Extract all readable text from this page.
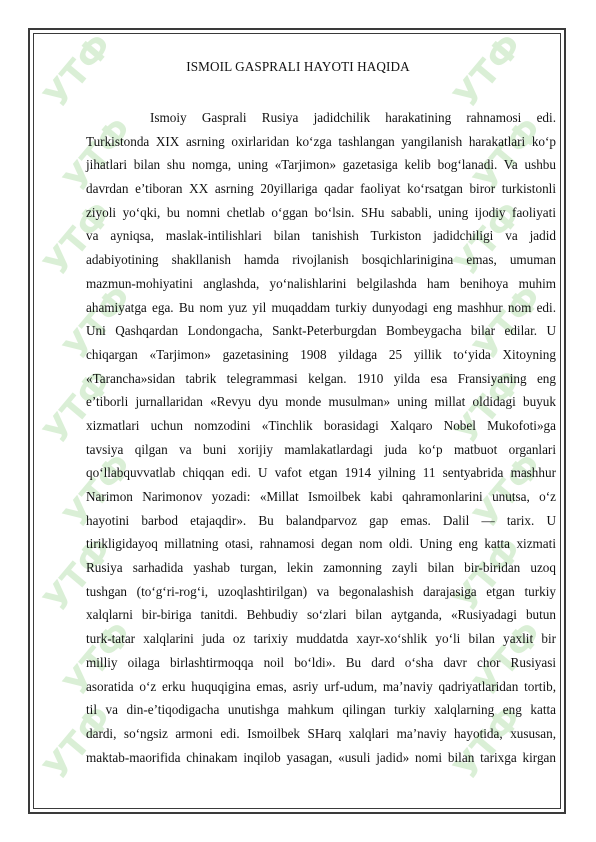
УТФ
УТФ
УТФ
УТФ
УТФ
УТФ
УТФ
УТФ
УТФ
УТФ
УТФ
УТФ
УТФ
УТФ
УТФ
УТФ
УТФ
УТФ
ISMOIL GASPRALI HAYOTI HAQIDA
Ismoiy Gasprali Rusiya jadidchilik harakatining rahnamosi edi.
Turkistonda XIX asrning oxirlaridan ko‘zga tashlangan yangilanish harakatlari ko‘p
jihatlari bilan shu nomga, uning «Tarjimon» gazetasiga kelib bog‘lanadi. Va ushbu
davrdan e’tiboran XX asrning 20yillariga qadar faoliyat ko‘rsatgan biror turkistonli
ziyoli yo‘qki, bu nomni chetlab o‘ggan bo‘lsin. SHu sababli, uning ijodiy faoliyati
va ayniqsa, maslak-intilishlari bilan tanishish Turkiston jadidchiligi va jadid
adabiyotining shakllanish hamda rivojlanish bosqichlarinigina emas, umuman
mazmun-mohiyatini anglashda, yo‘nalishlarini belgilashda ham benihoya muhim
ahamiyatga ega. Bu nom yuz yil muqaddam turkiy dunyodagi eng mashhur nom edi.
Uni Qashqardan Londongacha, Sankt-Peterburgdan Bombeygacha bilar edilar. U
chiqargan «Tarjimon» gazetasining 1908 yildaga 25 yillik to‘yida Xitoyning
«Tarancha»sidan tabrik telegrammasi kelgan. 1910 yilda esa Fransiyaning eng
e’tiborli jurnallaridan «Revyu dyu monde musulman» uning millat oldidagi buyuk
xizmatlari uchun nomzodini «Tinchlik borasidagi Xalqaro Nobel Mukofoti»ga
tavsiya qilgan va buni xorijiy mamlakatlardagi juda ko‘p matbuot organlari
qo‘llabquvvatlab chiqqan edi. U vafot etgan 1914 yilning 11 sentyabrida mashhur
Narimon Narimonov yozadi: «Millat Ismoilbek kabi qahramonlarini unutsa, o‘z
hayotini barbod etajaqdir». Bu balandparvoz gap emas. Dalil — tarix. U
tirikligidayoq millatning otasi, rahnamosi degan nom oldi. Uning eng katta xizmati
Rusiya sarhadida yashab turgan, lekin zamonning zayli bilan bir-biridan uzoq
tushgan (to‘g‘ri-rog‘i, uzoqlashtirilgan) va begonalashish darajasiga etgan turkiy
xalqlarni bir-biriga tanitdi. Behbudiy so‘zlari bilan aytganda, «Rusiyadagi butun
turk-tatar xalqlarini juda oz tarixiy muddatda xayr-xo‘shlik yo‘li bilan yaxlit bir
milliy oilaga birlashtirmoqqa noil bo‘ldi». Bu dard o‘sha davr chor Rusiyasi
asoratida o‘z erku huquqigina emas, asriy urf-udum, ma’naviy qadriyatlaridan tortib,
til va din-e’tiqodigacha unutishga mahkum qilingan turkiy xalqlarning eng katta
dardi, so‘ngsiz armoni edi. Ismoilbek SHarq xalqlari ma’naviy hayotida, xususan,
maktab-maorifida chinakam inqilob yasagan, «usuli jadid» nomi bilan tarixga kirgan
